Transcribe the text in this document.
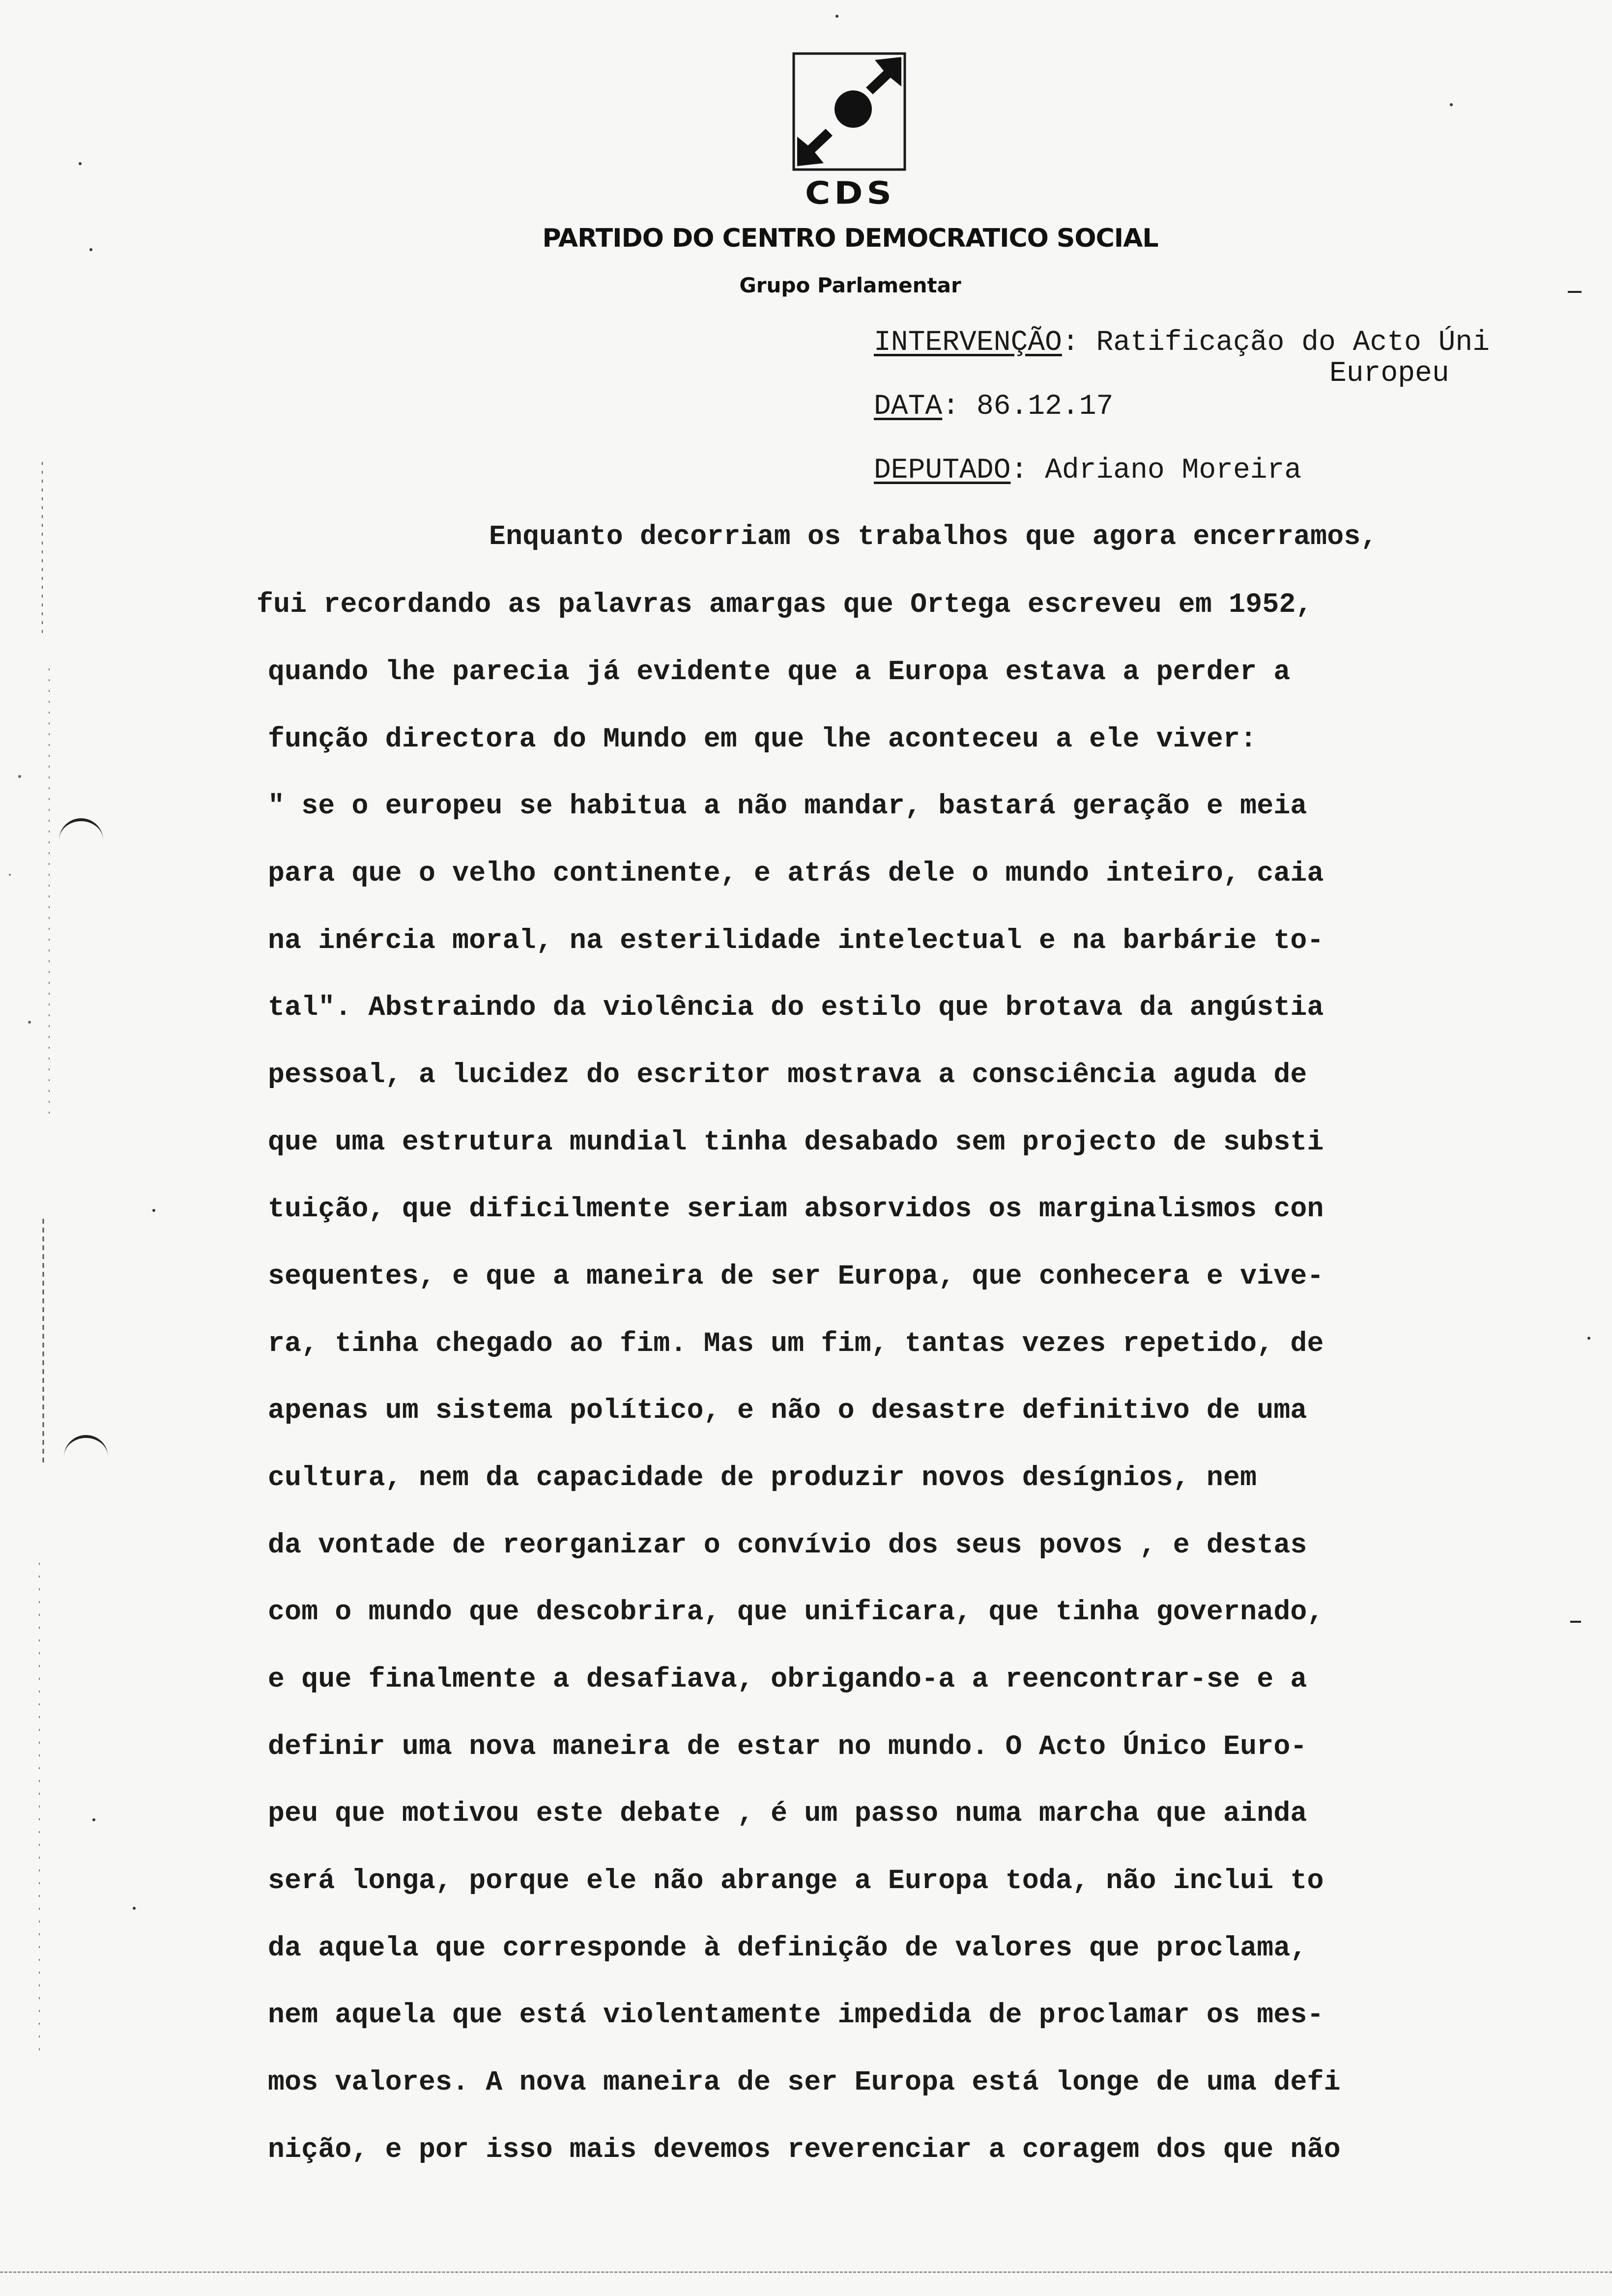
CDS
PARTIDO DO CENTRO DEMOCRATICO SOCIAL
Grupo Parlamentar
INTERVENÇÃO: Ratificação do Acto Úni
Europeu
DATA: 86.12.17
DEPUTADO: Adriano Moreira
Enquanto decorriam os trabalhos que agora encerramos,
fui recordando as palavras amargas que Ortega escreveu em 1952,
quando lhe parecia já evidente que a Europa estava a perder a
função directora do Mundo em que lhe aconteceu a ele viver:
" se o europeu se habitua a não mandar, bastará geração e meia
para que o velho continente, e atrás dele o mundo inteiro, caia
na inércia moral, na esterilidade intelectual e na barbárie to-
tal". Abstraindo da violência do estilo que brotava da angústia
pessoal, a lucidez do escritor mostrava a consciência aguda de
que uma estrutura mundial tinha desabado sem projecto de substi
tuição, que dificilmente seriam absorvidos os marginalismos con
sequentes, e que a maneira de ser Europa, que conhecera e vive-
ra, tinha chegado ao fim. Mas um fim, tantas vezes repetido, de
apenas um sistema político, e não o desastre definitivo de uma
cultura, nem da capacidade de produzir novos desígnios, nem
da vontade de reorganizar o convívio dos seus povos , e destas
com o mundo que descobrira, que unificara, que tinha governado,
e que finalmente a desafiava, obrigando-a a reencontrar-se e a
definir uma nova maneira de estar no mundo. O Acto Único Euro-
peu que motivou este debate , é um passo numa marcha que ainda
será longa, porque ele não abrange a Europa toda, não inclui to
da aquela que corresponde à definição de valores que proclama,
nem aquela que está violentamente impedida de proclamar os mes-
mos valores. A nova maneira de ser Europa está longe de uma defi
nição, e por isso mais devemos reverenciar a coragem dos que não
